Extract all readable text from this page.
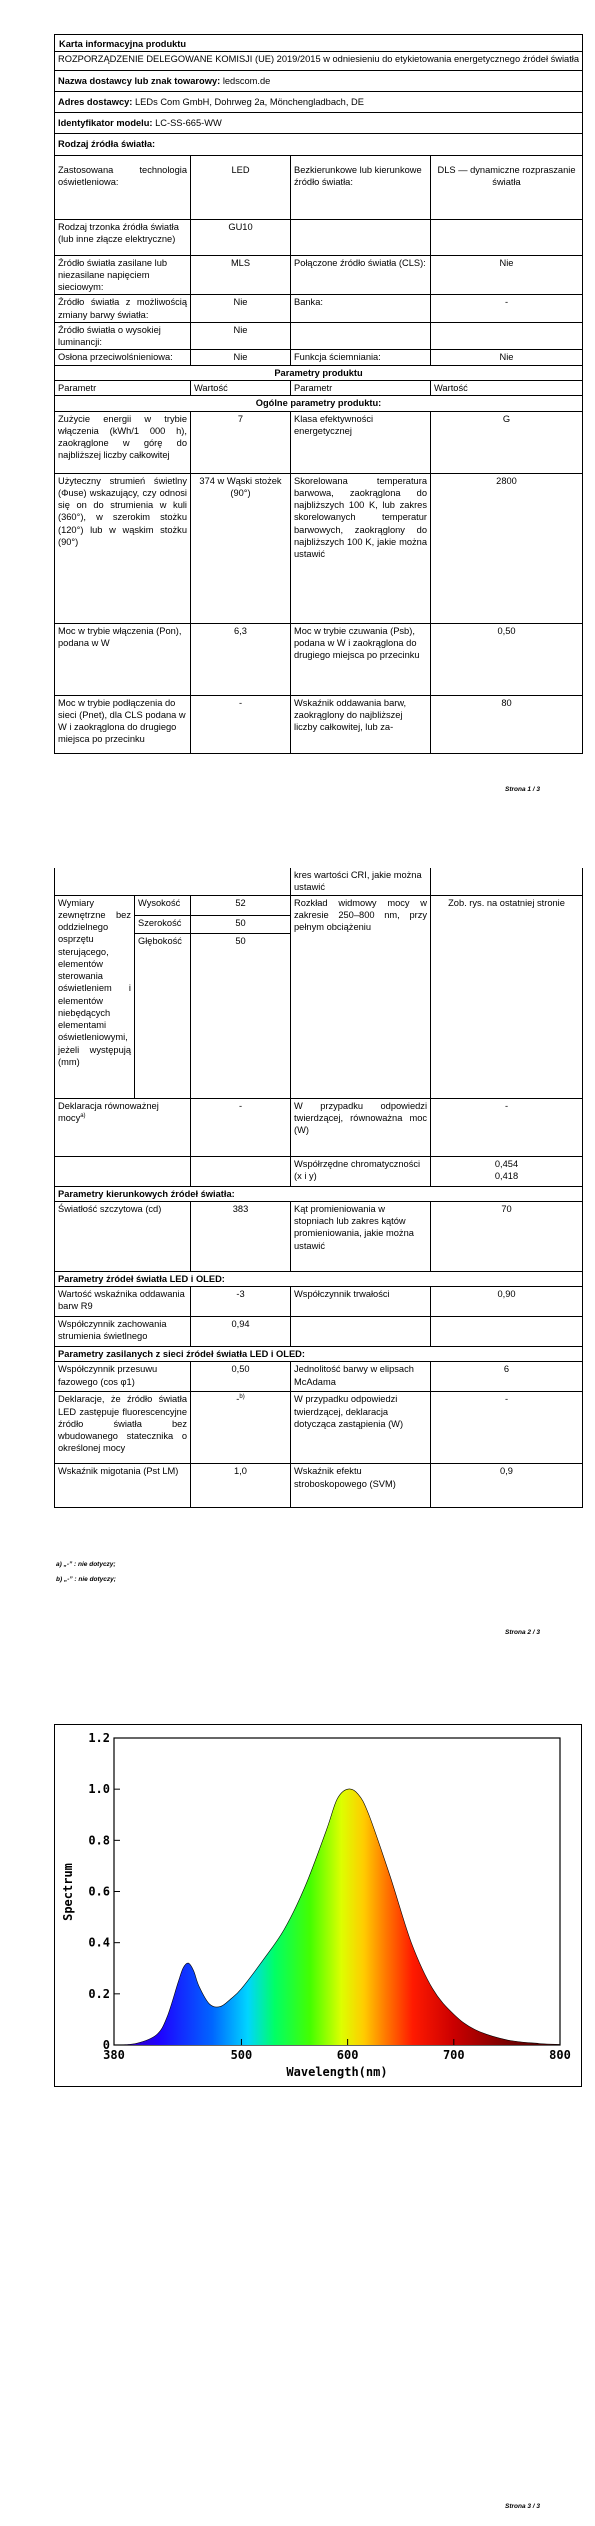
Karta informacyjna produktu			
ROZPORZĄDZENIE DELEGOWANE KOMISJI (UE) 2019/2015 w odniesieniu do etykietowania energetycznego źródeł światła			
Nazwa dostawcy lub znak towarowy: ledscom.de			
Adres dostawcy: LEDs Com GmbH, Dohrweg 2a, Mönchengladbach, DE			
Identyfikator modelu: LC-SS-665-WW			
Rodzaj źródła światła:			
Zastosowana technologia oświetleniowa:	LED	Bezkierunkowe lub kierunkowe źródło światła:	DLS — dynamiczne rozpraszanie światła
Rodzaj trzonka źródła światła (lub inne złącze elektryczne)	GU10		
Źródło światła zasilane lub niezasilane napięciem sieciowym:	MLS	Połączone źródło światła (CLS):	Nie
Źródło światła z możliwością zmiany barwy światła:	Nie	Banka:	-
Źródło światła o wysokiej luminancji:	Nie		
Osłona przeciwolśnieniowa:	Nie	Funkcja ściemniania:	Nie
Parametry produktu			
Parametr	Wartość	Parametr	Wartość
Ogólne parametry produktu:			
Zużycie energii w trybie włączenia (kWh/1 000 h), zaokrąglone w górę do najbliższej liczby całkowitej	7	Klasa efektywności energetycznej	G
Użyteczny strumień świetlny (Φuse) wskazujący, czy odnosi się on do strumienia w kuli (360°), w szerokim stożku (120°) lub w wąskim stożku (90°)	374 w Wąski stożek (90°)	Skorelowana temperatura barwowa, zaokrąglona do najbliższych 100 K, lub zakres skorelowanych temperatur barwowych, zaokrąglony do najbliższych 100 K, jakie można ustawić	2800
Moc w trybie włączenia (Pon), podana w W	6,3	Moc w trybie czuwania (Psb), podana w W i zaokrąglona do drugiego miejsca po przecinku	0,50
Moc w trybie podłączenia do sieci (Pnet), dla CLS podana w W i zaokrąglona do drugiego miejsca po przecinku	-	Wskaźnik oddawania barw, zaokrąglony do najbliższej liczby całkowitej, lub za-	80
Strona 1 / 3
			kres wartości CRI, jakie można ustawić	
Wymiary zewnętrzne bez oddzielnego osprzętu sterującego, elementów sterowania oświetleniem i elementów niebędących elementami oświetleniowymi, jeżeli występują (mm)	Wysokość	52	Rozkład widmowy mocy w zakresie 250–800 nm, przy pełnym obciążeniu	Zob. rys. na ostatniej stronie
	Szerokość	50		
	Głębokość	50		
Deklaracja równoważnej mocy$^{a)}$		-	W przypadku odpowiedzi twierdzącej, równoważna moc (W)	-
			Współrzędne chromatyczności (x i y)	0,454
0,418

Parametry kierunkowych źródeł światła:				
Światłość szczytowa (cd)		383	Kąt promieniowania w stopniach lub zakres kątów promieniowania, jakie można ustawić	70
Parametry źródeł światła LED i OLED:				
Wartość wskaźnika oddawania barw R9		-3	Współczynnik trwałości	0,90
Współczynnik zachowania strumienia świetlnego		0,94		
Parametry zasilanych z sieci źródeł światła LED i OLED:				
Współczynnik przesuwu fazowego (cos φ1)		0,50	Jednolitość barwy w elipsach McAdama	6
Deklaracje, że źródło światła LED zastępuje fluorescencyjne źródło światła bez wbudowanego statecznika o określonej mocy		-$^{b)}$	W przypadku odpowiedzi twierdzącej, deklaracja dotycząca zastąpienia (W)	-
Wskaźnik migotania (Pst LM)		1,0	Wskaźnik efektu stroboskopowego (SVM)	0,9
a) „-” : nie dotyczy;
b) „-” : nie dotyczy;
Strona 2 / 3
380	500	600	700	800
0
0.2
0.4
0.6
0.8
1.0
1.2
Wavelength(nm)
Spectrum
Strona 3 / 3
